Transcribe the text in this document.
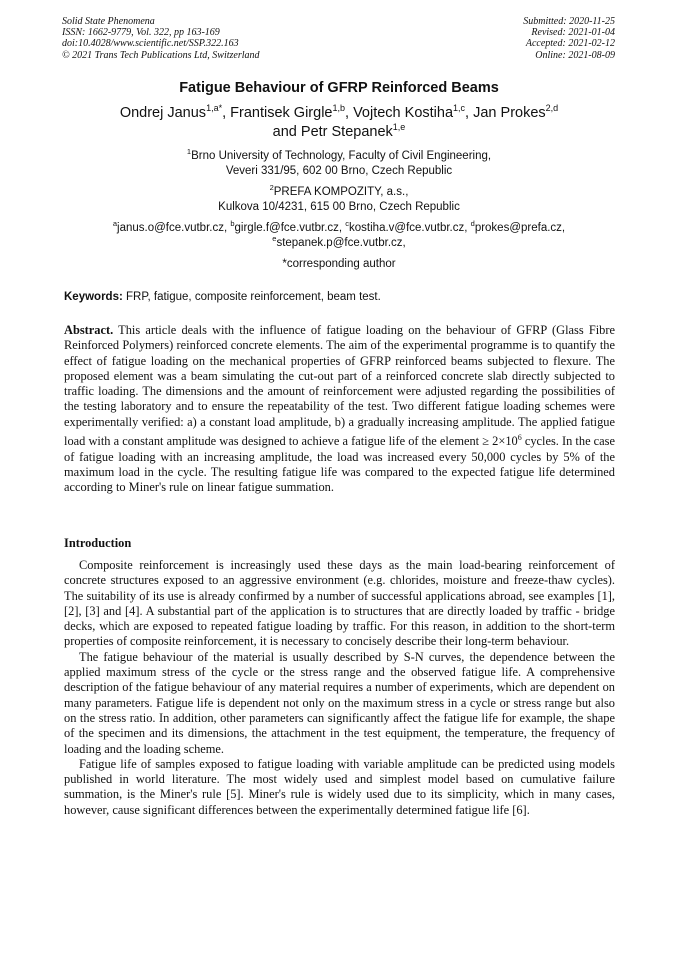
Solid State Phenomena
ISSN: 1662-9779, Vol. 322, pp 163-169
doi:10.4028/www.scientific.net/SSP.322.163
© 2021 Trans Tech Publications Ltd, Switzerland
Submitted: 2020-11-25
Revised: 2021-01-04
Accepted: 2021-02-12
Online: 2021-08-09
Fatigue Behaviour of GFRP Reinforced Beams
Ondrej Janus$^{1,a*}$, Frantisek Girgle$^{1,b}$, Vojtech Kostiha$^{1,c}$, Jan Prokes$^{2,d}$
and Petr Stepanek$^{1,e}$
$^1$Brno University of Technology, Faculty of Civil Engineering,
Veveri 331/95, 602 00 Brno, Czech Republic
$^2$PREFA KOMPOZITY, a.s.,
Kulkova 10/4231, 615 00 Brno, Czech Republic
$^a$janus.o@fce.vutbr.cz, $^b$girgle.f@fce.vutbr.cz, $^c$kostiha.v@fce.vutbr.cz, $^d$prokes@prefa.cz,
$^e$stepanek.p@fce.vutbr.cz,
*corresponding author
Keywords: FRP, fatigue, composite reinforcement, beam test.
Abstract. This article deals with the influence of fatigue loading on the behaviour of GFRP (Glass Fibre Reinforced Polymers) reinforced concrete elements. The aim of the experimental programme is to quantify the effect of fatigue loading on the mechanical properties of GFRP reinforced beams subjected to flexure. The proposed element was a beam simulating the cut-out part of a reinforced concrete slab directly subjected to traffic loading. The dimensions and the amount of reinforcement were adjusted regarding the possibilities of the testing laboratory and to ensure the repeatability of the test. Two different fatigue loading schemes were experimentally verified: a) a constant load amplitude, b) a gradually increasing amplitude. The applied fatigue load with a constant amplitude was designed to achieve a fatigue life of the element ≥ $2\times 10^6$ cycles. In the case of fatigue loading with an increasing amplitude, the load was increased every 50,000 cycles by 5% of the maximum load in the cycle. The resulting fatigue life was compared to the expected fatigue life determined according to Miner's rule on linear fatigue summation.
Introduction

Composite reinforcement is increasingly used these days as the main load-bearing reinforcement of concrete structures exposed to an aggressive environment (e.g. chlorides, moisture and freeze-thaw cycles). The suitability of its use is already confirmed by a number of successful applications abroad, see examples [1], [2], [3] and [4]. A substantial part of the application is to structures that are directly loaded by traffic - bridge decks, which are exposed to repeated fatigue loading by traffic. For this reason, in addition to the short-term properties of composite reinforcement, it is necessary to concisely describe their long-term behaviour.

The fatigue behaviour of the material is usually described by S-N curves, the dependence between the applied maximum stress of the cycle or the stress range and the observed fatigue life. A comprehensive description of the fatigue behaviour of any material requires a number of experiments, which are dependent on many parameters. Fatigue life is dependent not only on the maximum stress in a cycle or stress range but also on the stress ratio. In addition, other parameters can significantly affect the fatigue life for example, the shape of the specimen and its dimensions, the attachment in the test equipment, the temperature, the frequency of loading and the loading scheme.

Fatigue life of samples exposed to fatigue loading with variable amplitude can be predicted using models published in world literature. The most widely used and simplest model based on cumulative failure summation, is the Miner's rule [5]. Miner's rule is widely used due to its simplicity, which in many cases, however, cause significant differences between the experimentally determined fatigue life [6].
